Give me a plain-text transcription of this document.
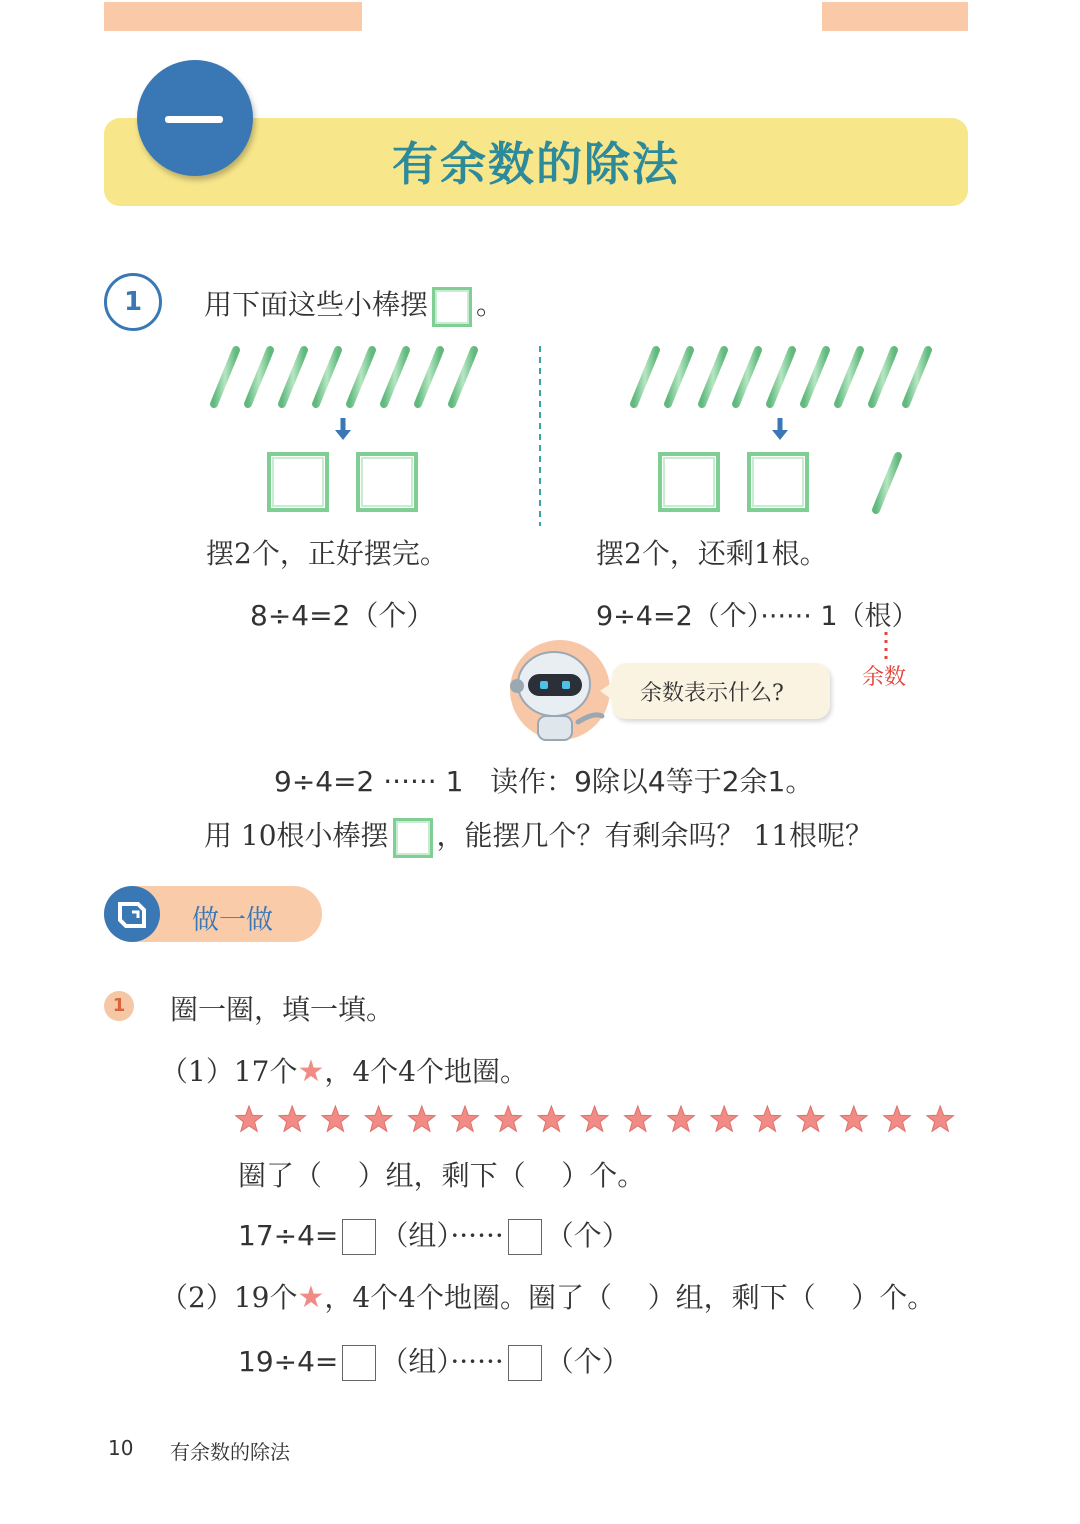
有余数的除法
1	用下面这些小棒摆 。
摆2个，正好摆完。
8÷4=2（个）
摆2个，还剩1根。
9÷4=2（个）······ 1（根）
余数
余数表示什么?
9÷4=2 ······ 1   读作：9除以4等于2余1。
用 10根小棒摆 ，能摆几个？有剩余吗？ 11根呢？
做一做
1	圈一圈，填一填。
（1）17个★，4个4个地圈。
圈了（    ）组，剩下（    ）个。
17÷4= （组）······ （个）
（2）19个★，4个4个地圈。圈了（    ）组，剩下（    ）个。
19÷4= （组）······ （个）
10 有余数的除法
